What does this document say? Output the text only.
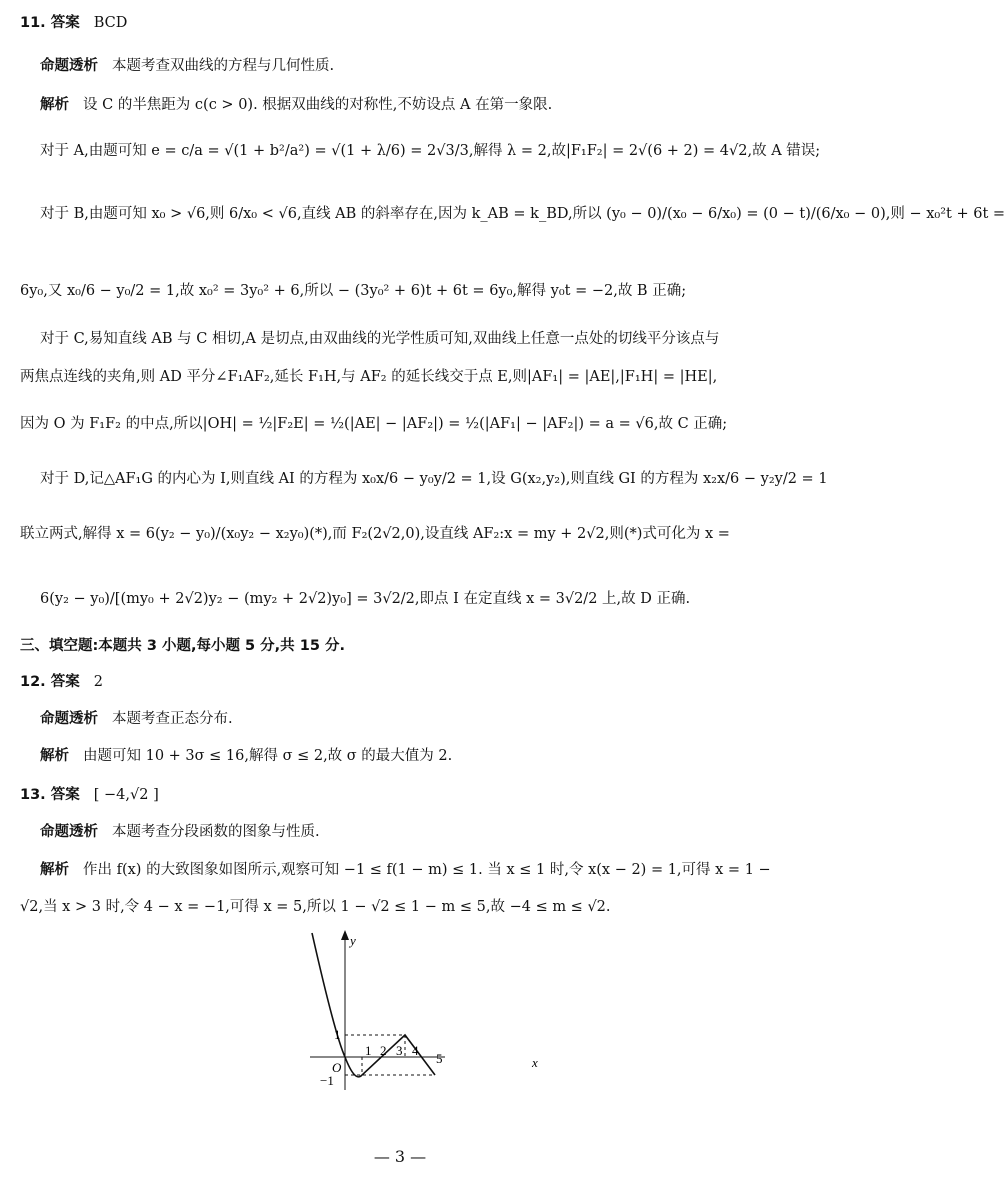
11. 答案 BCD
命题透析 本题考查双曲线的方程与几何性质.
解析 设 C 的半焦距为 c(c > 0). 根据双曲线的对称性,不妨设点 A 在第一象限.
对于 A,由题可知 e = c/a = √(1 + b²/a²) = √(1 + λ/6) = 2√3/3,解得 λ = 2,故|F₁F₂| = 2√(6 + 2) = 4√2,故 A 错误;
对于 B,由题可知 x₀ > √6,则 6/x₀ < √6,直线 AB 的斜率存在,因为 k_AB = k_BD,所以 (y₀ − 0)/(x₀ − 6/x₀) = (0 − t)/(6/x₀ − 0),则 − x₀²t + 6t =
6y₀,又 x₀/6 − y₀/2 = 1,故 x₀² = 3y₀² + 6,所以 − (3y₀² + 6)t + 6t = 6y₀,解得 y₀t = −2,故 B 正确;
对于 C,易知直线 AB 与 C 相切,A 是切点,由双曲线的光学性质可知,双曲线上任意一点处的切线平分该点与
两焦点连线的夹角,则 AD 平分∠F₁AF₂,延长 F₁H,与 AF₂ 的延长线交于点 E,则|AF₁| = |AE|,|F₁H| = |HE|,
因为 O 为 F₁F₂ 的中点,所以|OH| = ½|F₂E| = ½(|AE| − |AF₂|) = ½(|AF₁| − |AF₂|) = a = √6,故 C 正确;
对于 D,记△AF₁G 的内心为 I,则直线 AI 的方程为 x₀x/6 − y₀y/2 = 1,设 G(x₂,y₂),则直线 GI 的方程为 x₂x/6 − y₂y/2 = 1
联立两式,解得 x = 6(y₂ − y₀)/(x₀y₂ − x₂y₀)(*),而 F₂(2√2,0),设直线 AF₂:x = my + 2√2,则(*)式可化为 x =
6(y₂ − y₀)/[(my₀ + 2√2)y₂ − (my₂ + 2√2)y₀] = 3√2/2,即点 I 在定直线 x = 3√2/2 上,故 D 正确.
三、填空题:本题共 3 小题,每小题 5 分,共 15 分.
12. 答案 2
命题透析 本题考查正态分布.
解析 由题可知 10 + 3σ ≤ 16,解得 σ ≤ 2,故 σ 的最大值为 2.
13. 答案 [ −4,√2 ]
命题透析 本题考查分段函数的图象与性质.
解析 作出 f(x) 的大致图象如图所示,观察可知 −1 ≤ f(1 − m) ≤ 1. 当 x ≤ 1 时,令 x(x − 2) = 1,可得 x = 1 −
√2,当 x > 3 时,令 4 − x = −1,可得 x = 5,所以 1 − √2 ≤ 1 − m ≤ 5,故 −4 ≤ m ≤ √2.
y
x
O
1
−1
1 2 3 4
5
— 3 —
